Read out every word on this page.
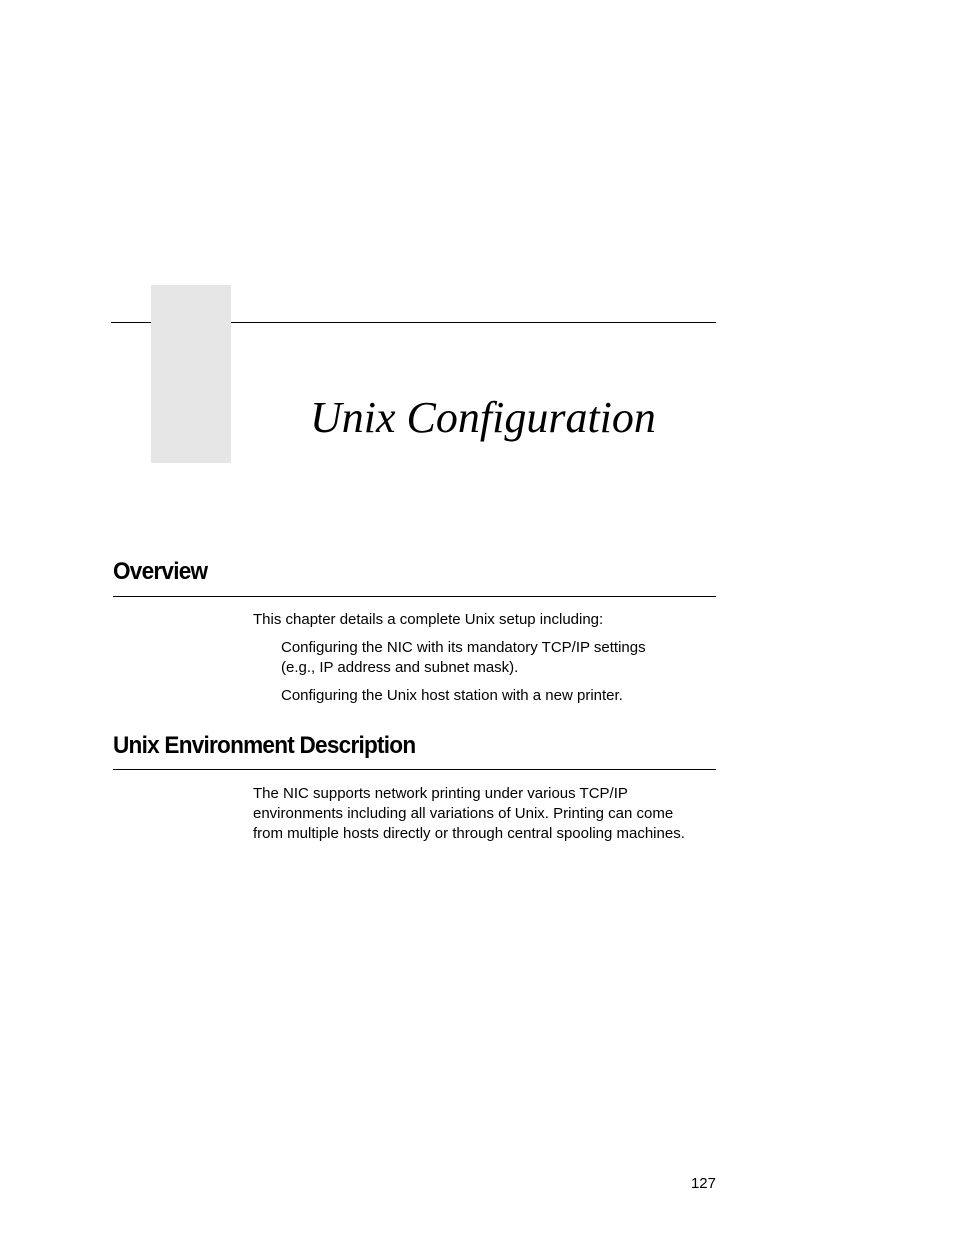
Unix Configuration
Overview

This chapter details a complete Unix setup including:

Configuring the NIC with its mandatory TCP/IP settings
(e.g., IP address and subnet mask).
Configuring the Unix host station with a new printer.
Unix Environment Description

The NIC supports network printing under various TCP/IP
environments including all variations of Unix. Printing can come
from multiple hosts directly or through central spooling machines.

127
